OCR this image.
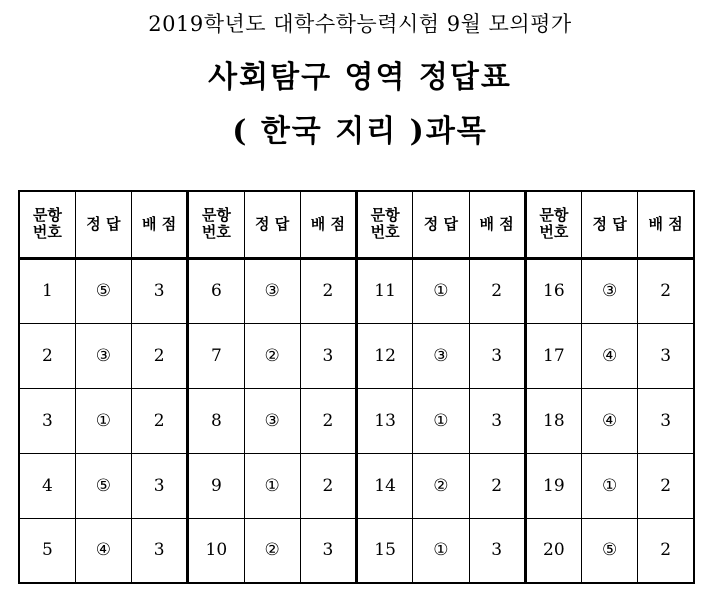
2019학년도 대학수학능력시험 9월 모의평가
사회탐구 영역 정답표
( 한국 지리 )과목
문항
번호	정 답	배 점	문항
번호	정 답	배 점	문항
번호	정 답	배 점	문항
번호	정 답	배 점
1	⑤	3	6	③	2	11	①	2	16	③	2
2	③	2	7	②	3	12	③	3	17	④	3
3	①	2	8	③	2	13	①	3	18	④	3
4	⑤	3	9	①	2	14	②	2	19	①	2
5	④	3	10	②	3	15	①	3	20	⑤	2
